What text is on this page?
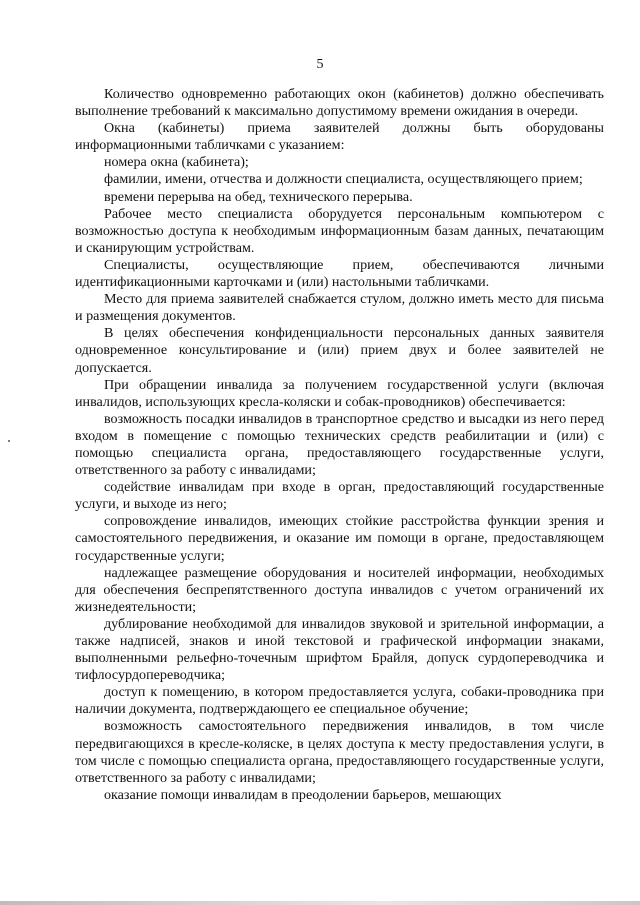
5

Количество одновременно работающих окон (кабинетов) должно обеспечивать выполнение требований к максимально допустимому времени ожидания в очереди.

Окна (кабинеты) приема заявителей должны быть оборудованы информационными табличками с указанием:

номера окна (кабинета);

фамилии, имени, отчества и должности специалиста, осуществляющего прием;

времени перерыва на обед, технического перерыва.

Рабочее место специалиста оборудуется персональным компьютером с возможностью доступа к необходимым информационным базам данных, печатающим и сканирующим устройствам.

Специалисты, осуществляющие прием, обеспечиваются личными идентификационными карточками и (или) настольными табличками.

Место для приема заявителей снабжается стулом, должно иметь место для письма и размещения документов.

В целях обеспечения конфиденциальности персональных данных заявителя одновременное консультирование и (или) прием двух и более заявителей не допускается.

При обращении инвалида за получением государственной услуги (включая инвалидов, использующих кресла-коляски и собак-проводников) обеспечивается:

возможность посадки инвалидов в транспортное средство и высадки из него перед входом в помещение с помощью технических средств реабилитации и (или) с помощью специалиста органа, предоставляющего государственные услуги, ответственного за работу с инвалидами;

содействие инвалидам при входе в орган, предоставляющий государственные услуги, и выходе из него;

сопровождение инвалидов, имеющих стойкие расстройства функции зрения и самостоятельного передвижения, и оказание им помощи в органе, предоставляющем государственные услуги;

надлежащее размещение оборудования и носителей информации, необходимых для обеспечения беспрепятственного доступа инвалидов с учетом ограничений их жизнедеятельности;

дублирование необходимой для инвалидов звуковой и зрительной информации, а также надписей, знаков и иной текстовой и графической информации знаками, выполненными рельефно-точечным шрифтом Брайля, допуск сурдопереводчика и тифлосурдопереводчика;

доступ к помещению, в котором предоставляется услуга, собаки-проводника при наличии документа, подтверждающего ее специальное обучение;

возможность самостоятельного передвижения инвалидов, в том числе передвигающихся в кресле-коляске, в целях доступа к месту предоставления услуги, в том числе с помощью специалиста органа, предоставляющего государственные услуги, ответственного за работу с инвалидами;

оказание помощи инвалидам в преодолении барьеров, мешающих
